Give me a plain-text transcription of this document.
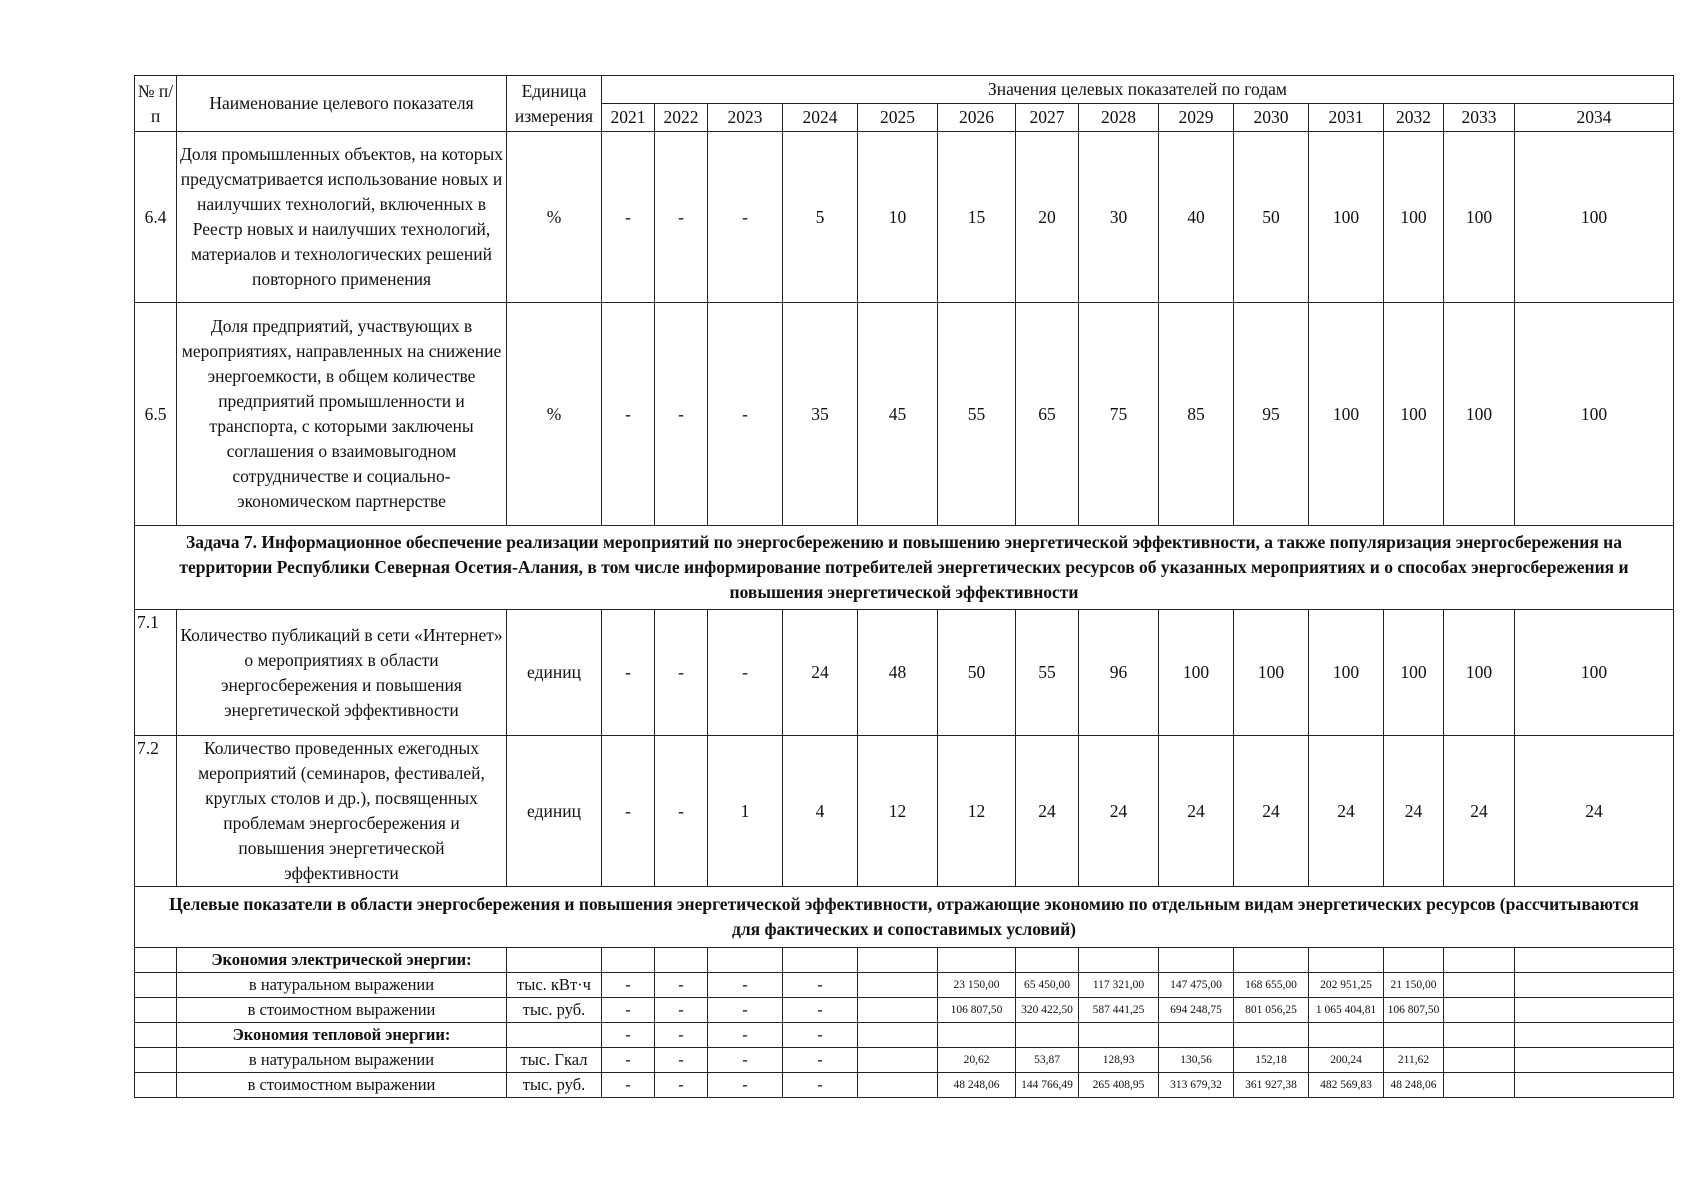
№ п/п	Наименование целевого показателя	Единица измерения	Значения целевых показателей по годам													
			2021	2022	2023	2024	2025	2026	2027	2028	2029	2030	2031	2032	2033	2034
6.4	Доля промышленных объектов, на которых предусматривается использование новых и наилучших технологий, включенных в Реестр новых и наилучших технологий, материалов и технологических решений повторного применения	%	-	-	-	5	10	15	20	30	40	50	100	100	100	100
6.5	Доля предприятий, участвующих в мероприятиях, направленных на снижение энергоемкости, в общем количестве предприятий промышленности и транспорта, с которыми заключены соглашения о взаимовыгодном сотрудничестве и социально-экономическом партнерстве	%	-	-	-	35	45	55	65	75	85	95	100	100	100	100
Задача 7. Информационное обеспечение реализации мероприятий по энергосбережению и повышению энергетической эффективности, а также популяризация энергосбережения на территории Республики Северная Осетия-Алания, в том числе информирование потребителей энергетических ресурсов об указанных мероприятиях и о способах энергосбережения и повышения энергетической эффективности																
7.1	Количество публикаций в сети «Интернет» о мероприятиях в области энергосбережения и повышения энергетической эффективности	единиц	-	-	-	24	48	50	55	96	100	100	100	100	100	100
7.2	Количество проведенных ежегодных мероприятий (семинаров, фестивалей, круглых столов и др.), посвященных проблемам энергосбережения и повышения энергетической эффективности	единиц	-	-	1	4	12	12	24	24	24	24	24	24	24	24
Целевые показатели в области энергосбережения и повышения энергетической эффективности, отражающие экономию по отдельным видам энергетических ресурсов (рассчитываются для фактических и сопоставимых условий)																
	Экономия электрической энергии:															
	в натуральном выражении	тыс. кВт·ч	-	-	-	-		23 150,00	65 450,00	117 321,00	147 475,00	168 655,00	202 951,25	21 150,00		
	в стоимостном выражении	тыс. руб.	-	-	-	-		106 807,50	320 422,50	587 441,25	694 248,75	801 056,25	1 065 404,81	106 807,50		
	Экономия тепловой энергии:		-	-	-	-										
	в натуральном выражении	тыс. Гкал	-	-	-	-		20,62	53,87	128,93	130,56	152,18	200,24	211,62		
	в стоимостном выражении	тыс. руб.	-	-	-	-		48 248,06	144 766,49	265 408,95	313 679,32	361 927,38	482 569,83	48 248,06		
